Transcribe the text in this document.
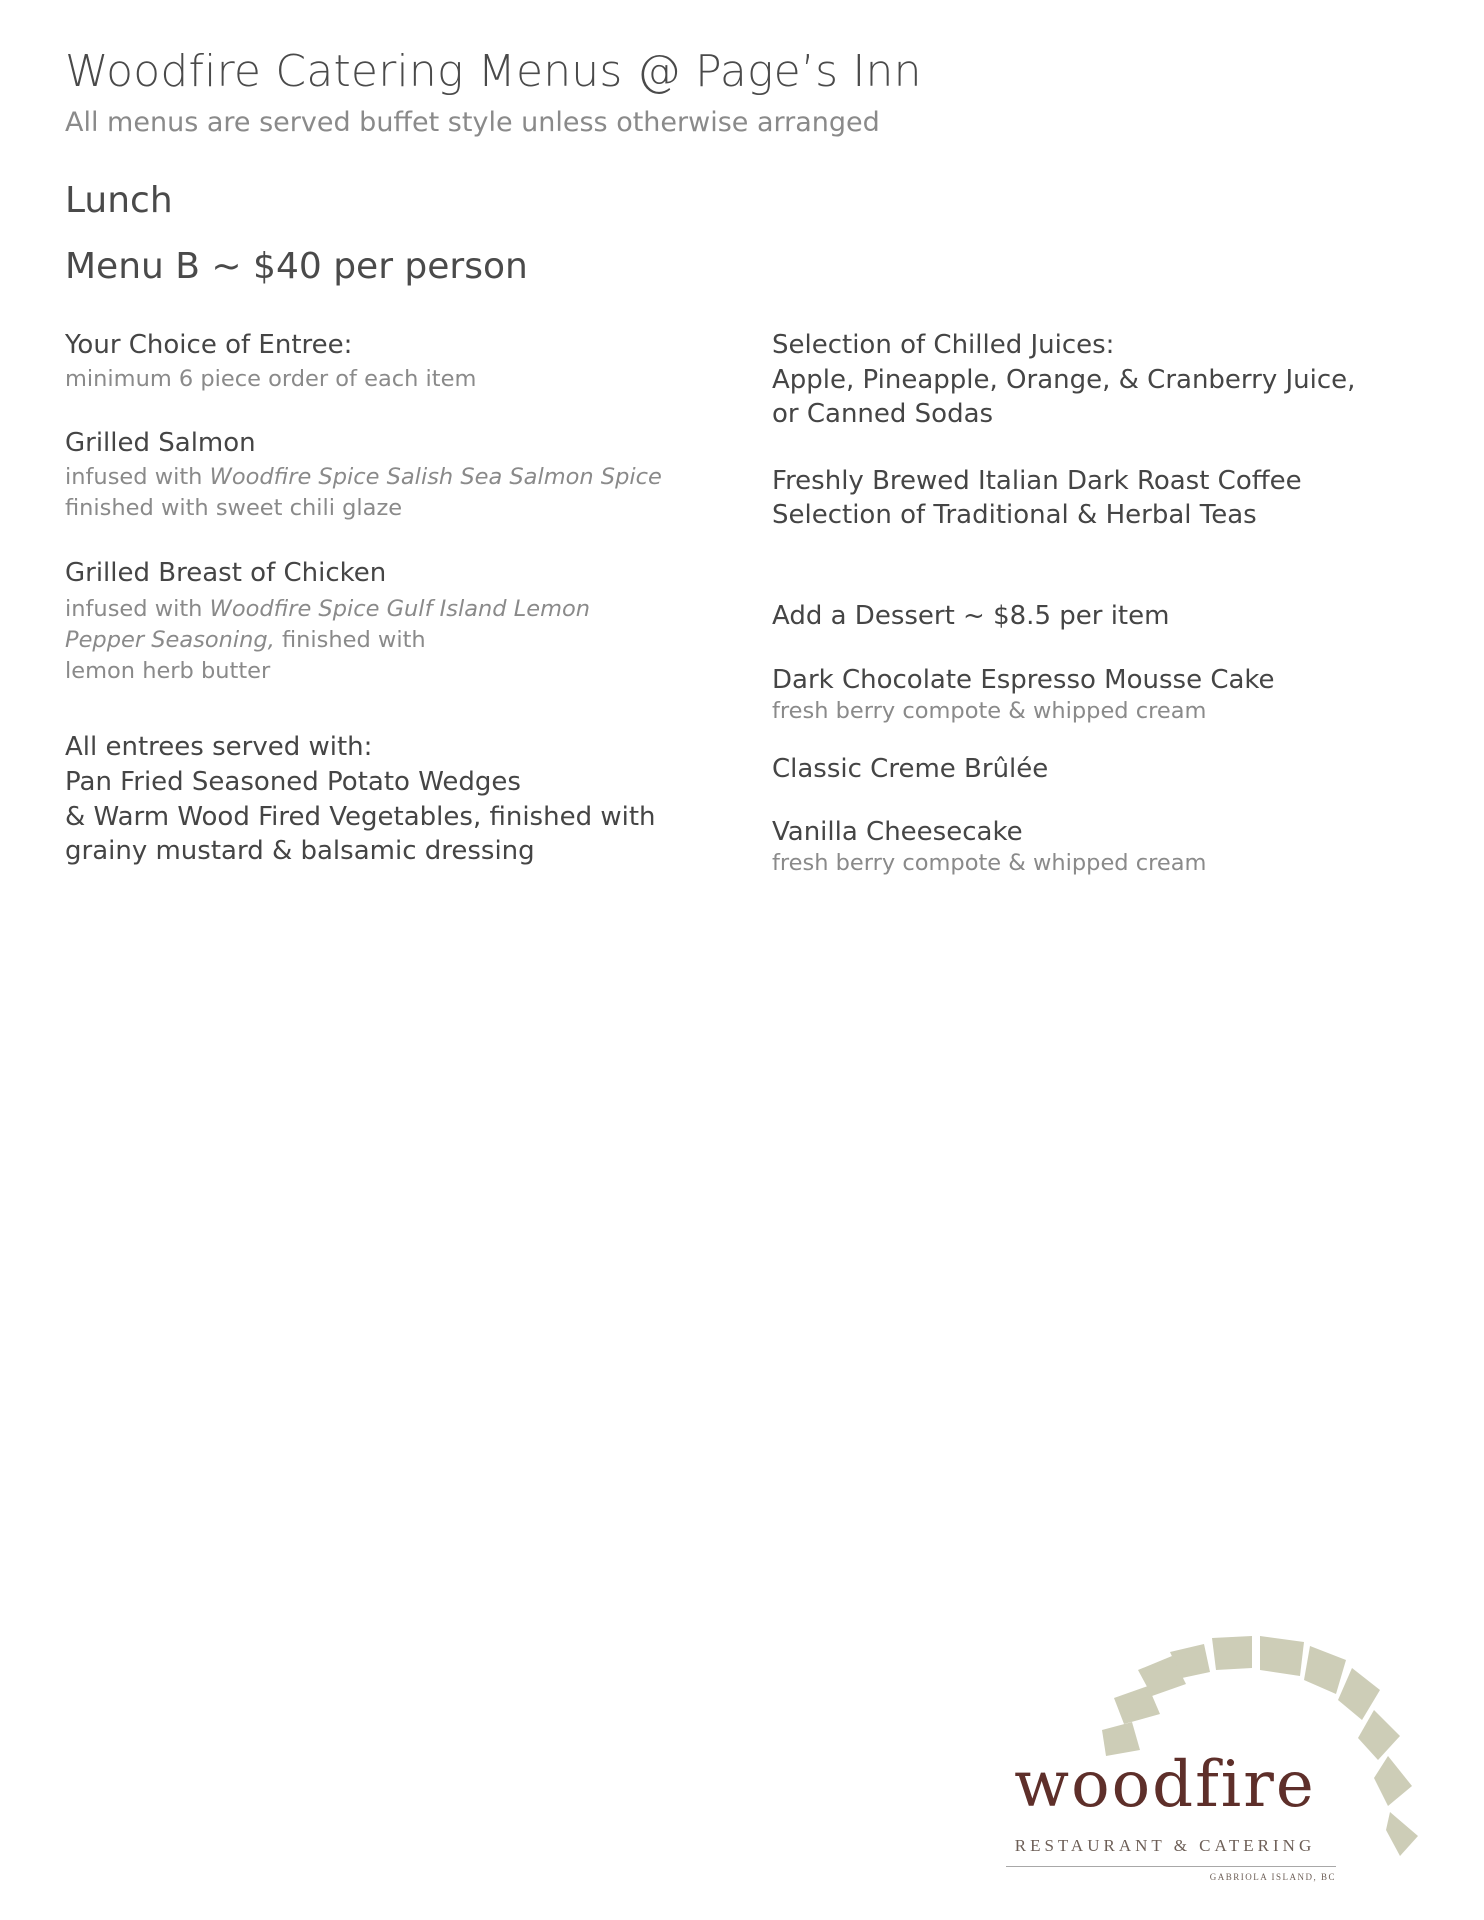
Woodfire Catering Menus @ Page’s Inn
All menus are served buffet style unless otherwise arranged
Lunch
Menu B ~ $40 per person
Your Choice of Entree:
minimum 6 piece order of each item
Grilled Salmon
infused with Woodfire Spice Salish Sea Salmon Spice
finished with sweet chili glaze
Grilled Breast of Chicken
infused with Woodfire Spice Gulf Island Lemon
Pepper Seasoning, finished with
lemon herb butter
All entrees served with:
Pan Fried Seasoned Potato Wedges
& Warm Wood Fired Vegetables, finished with
grainy mustard & balsamic dressing
Selection of Chilled Juices:
Apple, Pineapple, Orange, & Cranberry Juice,
or Canned Sodas
Freshly Brewed Italian Dark Roast Coffee
Selection of Traditional & Herbal Teas
Add a Dessert ~ $8.5 per item
Dark Chocolate Espresso Mousse Cake
fresh berry compote & whipped cream
Classic Creme Brûlée
Vanilla Cheesecake
fresh berry compote & whipped cream
woodfire
RESTAURANT & CATERING
GABRIOLA ISLAND, BC
